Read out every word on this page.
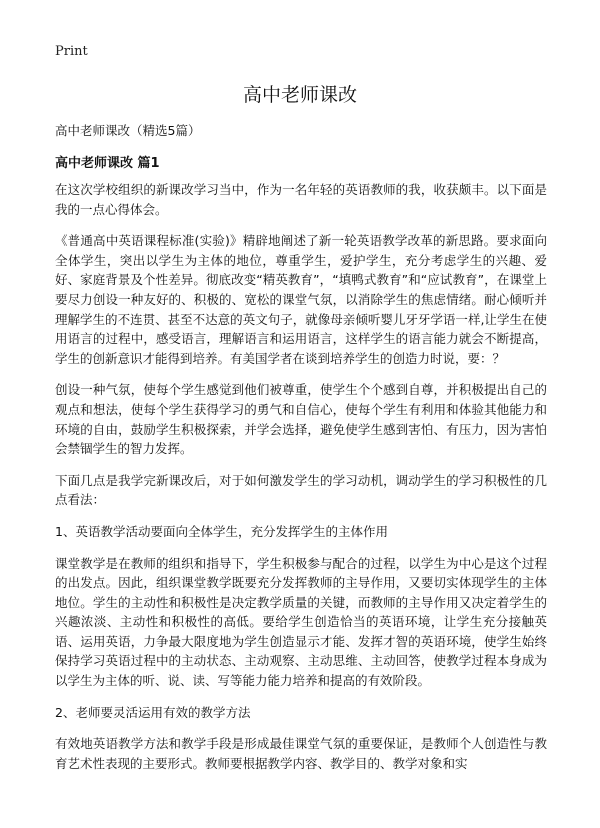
Print
高中老师课改

高中老师课改（精选5篇）

高中老师课改 篇1

在这次学校组织的新课改学习当中，作为一名年轻的英语教师的我，收获颇丰。以下面是我的一点心得体会。

《普通高中英语课程标准(实验)》精辟地阐述了新一轮英语教学改革的新思路。要求面向全体学生，突出以学生为主体的地位，尊重学生，爱护学生，充分考虑学生的兴趣、爱好、家庭背景及个性差异。彻底改变“精英教育”，“填鸭式教育”和“应试教育”，在课堂上要尽力创设一种友好的、积极的、宽松的课堂气氛，以消除学生的焦虑情绪。耐心倾听并理解学生的不连贯、甚至不达意的英文句子，就像母亲倾听婴儿牙牙学语一样,让学生在使用语言的过程中，感受语言，理解语言和运用语言，这样学生的语言能力就会不断提高，学生的创新意识才能得到培养。有美国学者在谈到培养学生的创造力时说，要：？

创设一种气氛，使每个学生感觉到他们被尊重，使学生个个感到自尊，并积极提出自己的观点和想法，使每个学生获得学习的勇气和自信心，使每个学生有利用和体验其他能力和环境的自由，鼓励学生积极探索，并学会选择，避免使学生感到害怕、有压力，因为害怕会禁锢学生的智力发挥。

下面几点是我学完新课改后，对于如何激发学生的学习动机，调动学生的学习积极性的几点看法：

1、英语教学活动要面向全体学生，充分发挥学生的主体作用

课堂教学是在教师的组织和指导下，学生积极参与配合的过程，以学生为中心是这个过程的出发点。因此，组织课堂教学既要充分发挥教师的主导作用，又要切实体现学生的主体地位。学生的主动性和积极性是决定教学质量的关键，而教师的主导作用又决定着学生的兴趣浓淡、主动性和积极性的高低。要给学生创造恰当的英语环境，让学生充分接触英语、运用英语，力争最大限度地为学生创造显示才能、发挥才智的英语环境，使学生始终保持学习英语过程中的主动状态、主动观察、主动思维、主动回答，使教学过程本身成为以学生为主体的听、说、读、写等能力能力培养和提高的有效阶段。

2、老师要灵活运用有效的教学方法

有效地英语教学方法和教学手段是形成最佳课堂气氛的重要保证，是教师个人创造性与教育艺术性表现的主要形式。教师要根据教学内容、教学目的、教学对象和实
